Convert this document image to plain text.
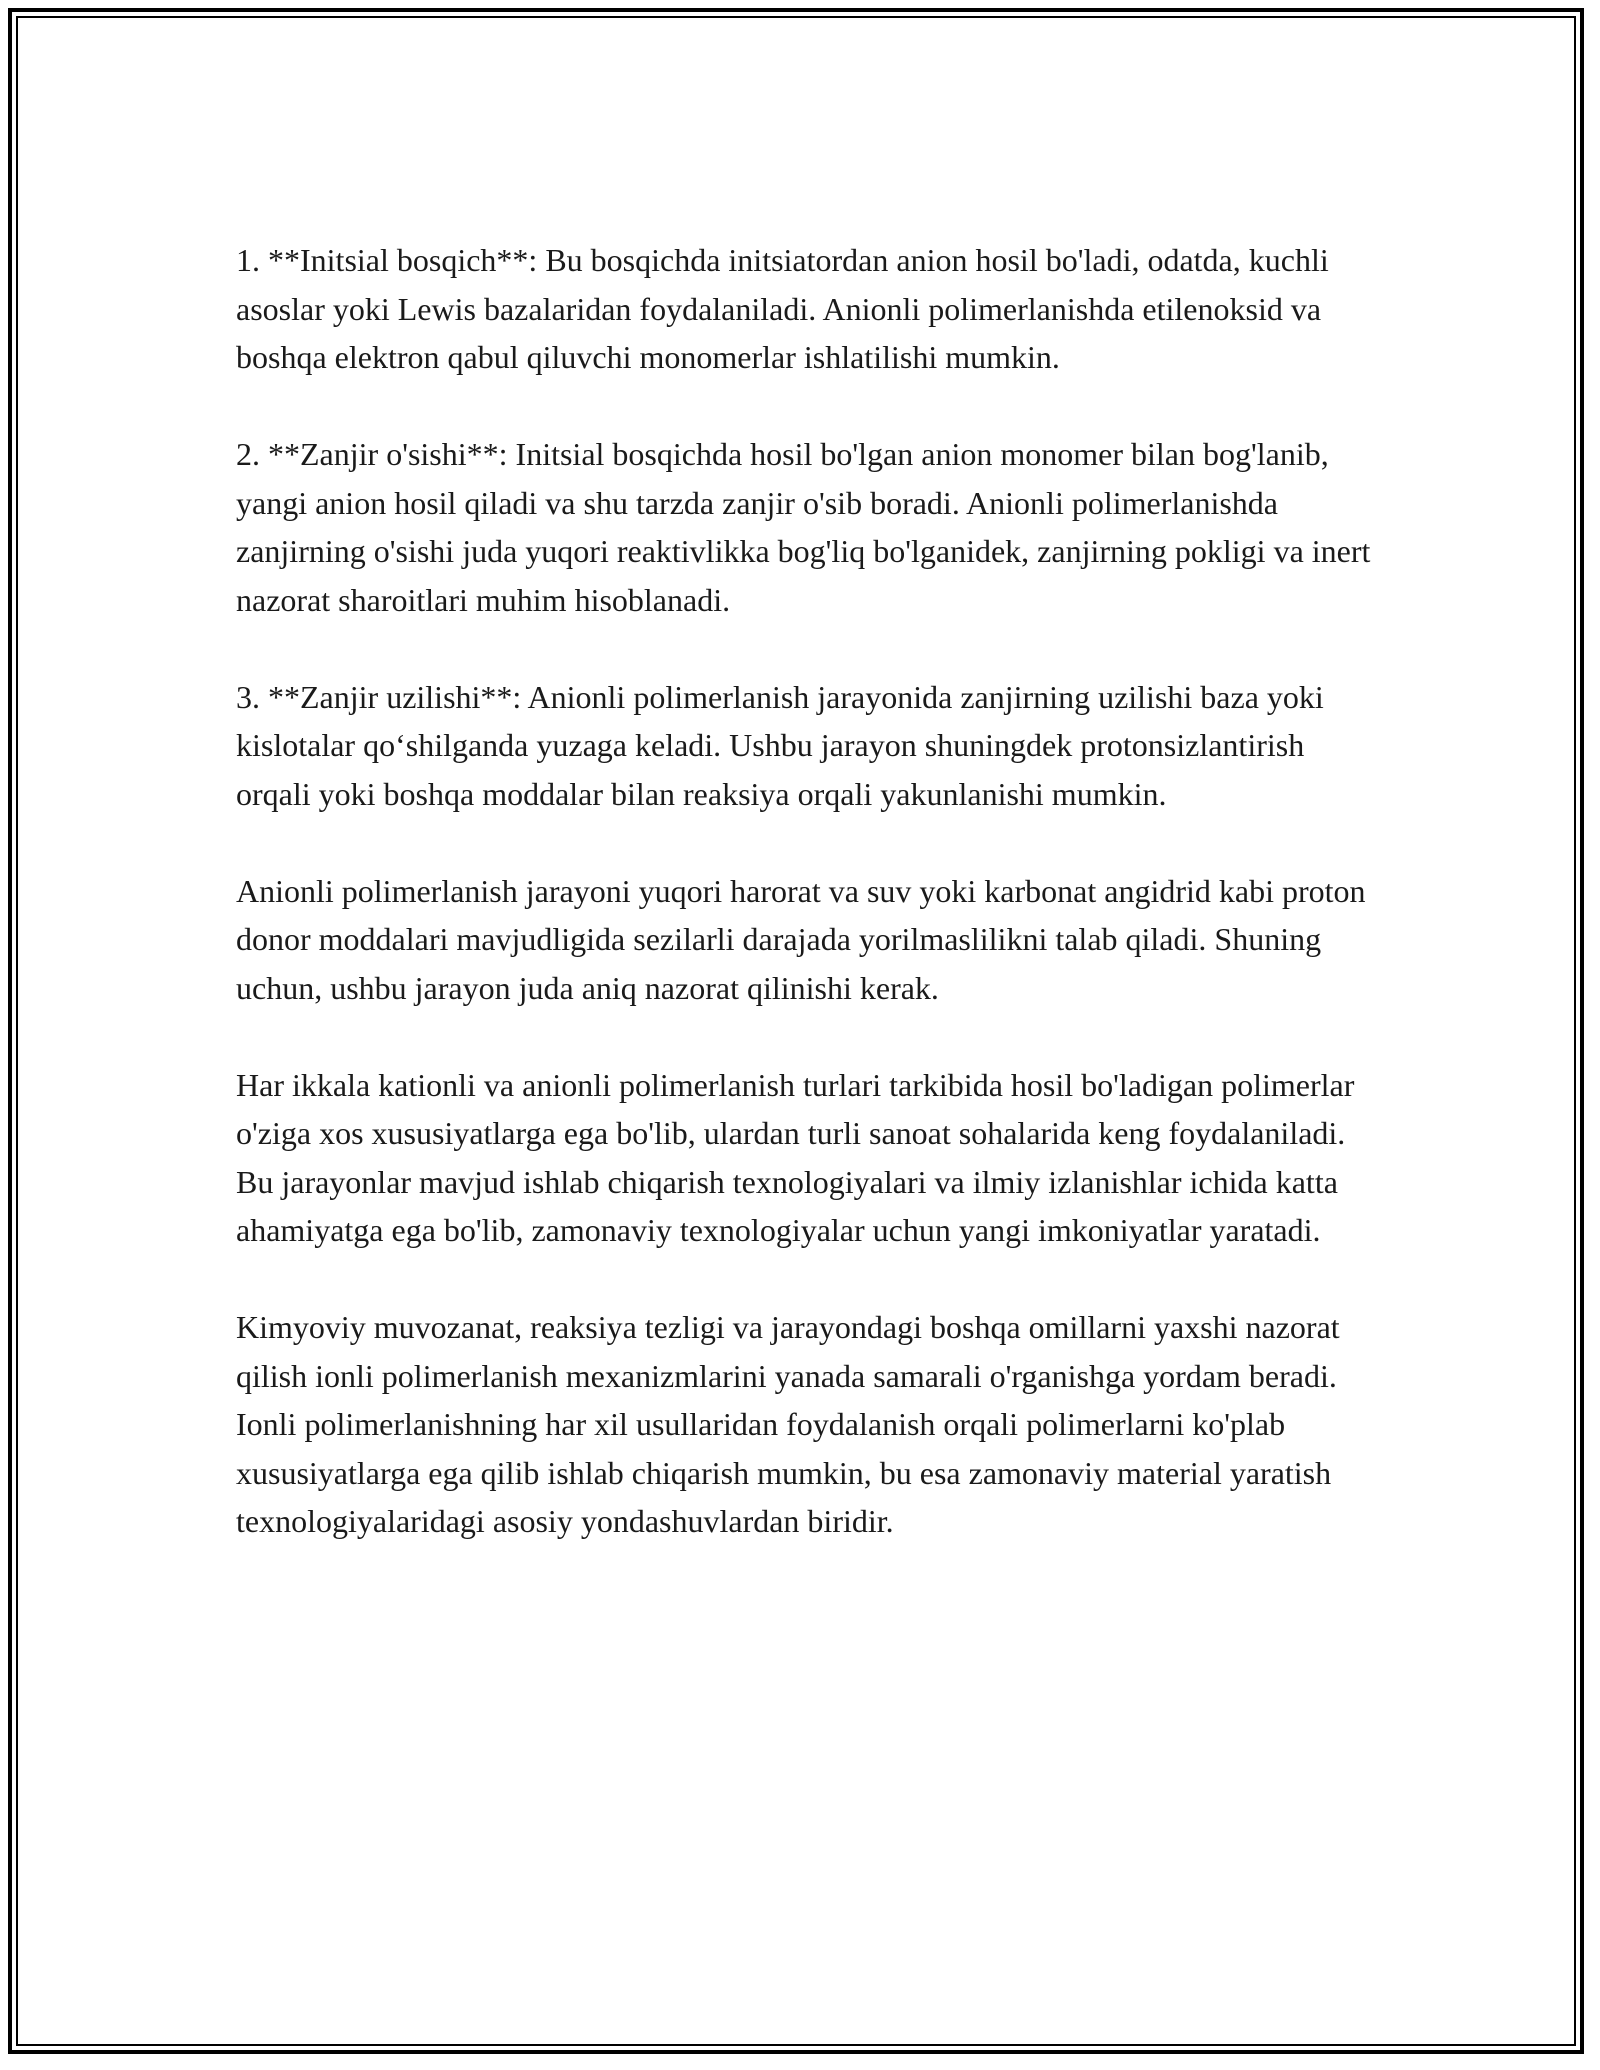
1. **Initsial bosqich**: Bu bosqichda initsiatordan anion hosil bo'ladi, odatda, kuchli asoslar yoki Lewis bazalaridan foydalaniladi. Anionli polimerlanishda etilenoksid va boshqa elektron qabul qiluvchi monomerlar ishlatilishi mumkin.

2. **Zanjir o'sishi**: Initsial bosqichda hosil bo'lgan anion monomer bilan bog'lanib, yangi anion hosil qiladi va shu tarzda zanjir o'sib boradi. Anionli polimerlanishda zanjirning o'sishi juda yuqori reaktivlikka bog'liq bo'lganidek, zanjirning pokligi va inert nazorat sharoitlari muhim hisoblanadi.

3. **Zanjir uzilishi**: Anionli polimerlanish jarayonida zanjirning uzilishi baza yoki kislotalar qo‘shilganda yuzaga keladi. Ushbu jarayon shuningdek protonsizlantirish orqali yoki boshqa moddalar bilan reaksiya orqali yakunlanishi mumkin.

Anionli polimerlanish jarayoni yuqori harorat va suv yoki karbonat angidrid kabi proton donor moddalari mavjudligida sezilarli darajada yorilmaslilikni talab qiladi. Shuning uchun, ushbu jarayon juda aniq nazorat qilinishi kerak.

Har ikkala kationli va anionli polimerlanish turlari tarkibida hosil bo'ladigan polimerlar o'ziga xos xususiyatlarga ega bo'lib, ulardan turli sanoat sohalarida keng foydalaniladi. Bu jarayonlar mavjud ishlab chiqarish texnologiyalari va ilmiy izlanishlar ichida katta ahamiyatga ega bo'lib, zamonaviy texnologiyalar uchun yangi imkoniyatlar yaratadi.

Kimyoviy muvozanat, reaksiya tezligi va jarayondagi boshqa omillarni yaxshi nazorat qilish ionli polimerlanish mexanizmlarini yanada samarali o'rganishga yordam beradi. Ionli polimerlanishning har xil usullaridan foydalanish orqali polimerlarni ko'plab xususiyatlarga ega qilib ishlab chiqarish mumkin, bu esa zamonaviy material yaratish texnologiyalaridagi asosiy yondashuvlardan biridir.
